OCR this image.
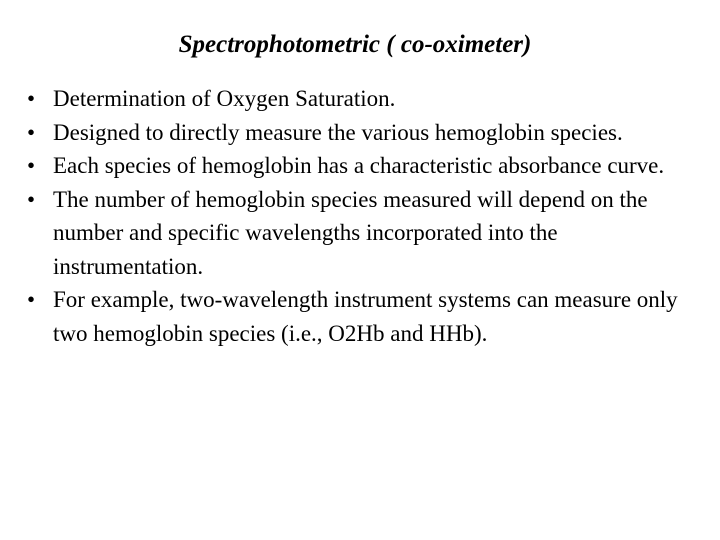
Spectrophotometric ( co-oximeter)
• Determination of Oxygen Saturation.
• Designed to directly measure the various hemoglobin species.
• Each species of hemoglobin has a characteristic absorbance curve.
• The number of hemoglobin species measured will depend on the number and specific wavelengths incorporated into the instrumentation.
• For example, two-wavelength instrument systems can measure only two hemoglobin species (i.e., O2Hb and HHb).
